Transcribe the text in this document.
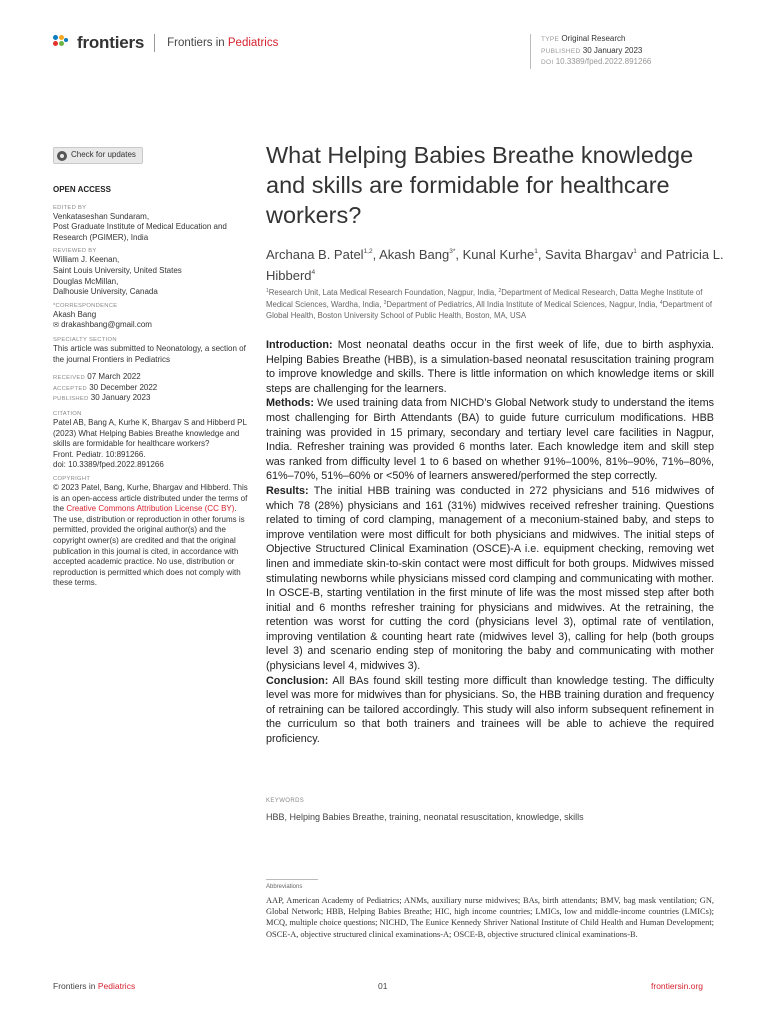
frontiers Frontiers in Pediatrics	TYPE Original Research
PUBLISHED 30 January 2023
DOI 10.3389/fped.2022.891266
Check for updates
OPEN ACCESS
EDITED BY
Venkataseshan Sundaram,
Post Graduate Institute of Medical Education and Research (PGIMER), India
REVIEWED BY
William J. Keenan,
Saint Louis University, United States
Douglas McMillan,
Dalhousie University, Canada
*CORRESPONDENCE
Akash Bang
✉ drakashbang@gmail.com
SPECIALTY SECTION
This article was submitted to Neonatology, a section of the journal Frontiers in Pediatrics
RECEIVED 07 March 2022
ACCEPTED 30 December 2022
PUBLISHED 30 January 2023
CITATION
Patel AB, Bang A, Kurhe K, Bhargav S and Hibberd PL (2023) What Helping Babies Breathe knowledge and skills are formidable for healthcare workers?
Front. Pediatr. 10:891266.
doi: 10.3389/fped.2022.891266
COPYRIGHT
© 2023 Patel, Bang, Kurhe, Bhargav and Hibberd. This is an open-access article distributed under the terms of the Creative Commons Attribution License (CC BY). The use, distribution or reproduction in other forums is permitted, provided the original author(s) and the copyright owner(s) are credited and that the original publication in this journal is cited, in accordance with accepted academic practice. No use, distribution or reproduction is permitted which does not comply with these terms.
What Helping Babies Breathe knowledge and skills are formidable for healthcare workers?
Archana B. Patel$^{1,2}$, Akash Bang$^{3*}$, Kunal Kurhe$^1$, Savita Bhargav$^1$ and Patricia L. Hibberd$^4$
$^1$Research Unit, Lata Medical Research Foundation, Nagpur, India, $^2$Department of Medical Research, Datta Meghe Institute of Medical Sciences, Wardha, India, $^3$Department of Pediatrics, All India Institute of Medical Sciences, Nagpur, India, $^4$Department of Global Health, Boston University School of Public Health, Boston, MA, USA

Introduction: Most neonatal deaths occur in the first week of life, due to birth asphyxia. Helping Babies Breathe (HBB), is a simulation-based neonatal resuscitation training program to improve knowledge and skills. There is little information on which knowledge items or skill steps are challenging for the learners.

Methods: We used training data from NICHD’s Global Network study to understand the items most challenging for Birth Attendants (BA) to guide future curriculum modifications. HBB training was provided in 15 primary, secondary and tertiary level care facilities in Nagpur, India. Refresher training was provided 6 months later. Each knowledge item and skill step was ranked from difficulty level 1 to 6 based on whether 91%–100%, 81%–90%, 71%–80%, 61%–70%, 51%–60% or <50% of learners answered/performed the step correctly.

Results: The initial HBB training was conducted in 272 physicians and 516 midwives of which 78 (28%) physicians and 161 (31%) midwives received refresher training. Questions related to timing of cord clamping, management of a meconium-stained baby, and steps to improve ventilation were most difficult for both physicians and midwives. The initial steps of Objective Structured Clinical Examination (OSCE)-A i.e. equipment checking, removing wet linen and immediate skin-to-skin contact were most difficult for both groups. Midwives missed stimulating newborns while physicians missed cord clamping and communicating with mother. In OSCE-B, starting ventilation in the first minute of life was the most missed step after both initial and 6 months refresher training for physicians and midwives. At the retraining, the retention was worst for cutting the cord (physicians level 3), optimal rate of ventilation, improving ventilation & counting heart rate (midwives level 3), calling for help (both groups level 3) and scenario ending step of monitoring the baby and communicating with mother (physicians level 4, midwives 3).

Conclusion: All BAs found skill testing more difficult than knowledge testing. The difficulty level was more for midwives than for physicians. So, the HBB training duration and frequency of retraining can be tailored accordingly. This study will also inform subsequent refinement in the curriculum so that both trainers and trainees will be able to achieve the required proficiency.

KEYWORDS
HBB, Helping Babies Breathe, training, neonatal resuscitation, knowledge, skills
Abbreviations
AAP, American Academy of Pediatrics; ANMs, auxiliary nurse midwives; BAs, birth attendants; BMV, bag mask ventilation; GN, Global Network; HBB, Helping Babies Breathe; HIC, high income countries; LMICs, low and middle-income countries (LMICs); MCQ, multiple choice questions; NICHD, The Eunice Kennedy Shriver National Institute of Child Health and Human Development; OSCE-A, objective structured clinical examinations-A; OSCE-B, objective structured clinical examinations-B.
Frontiers in Pediatrics	01	frontiersin.org
